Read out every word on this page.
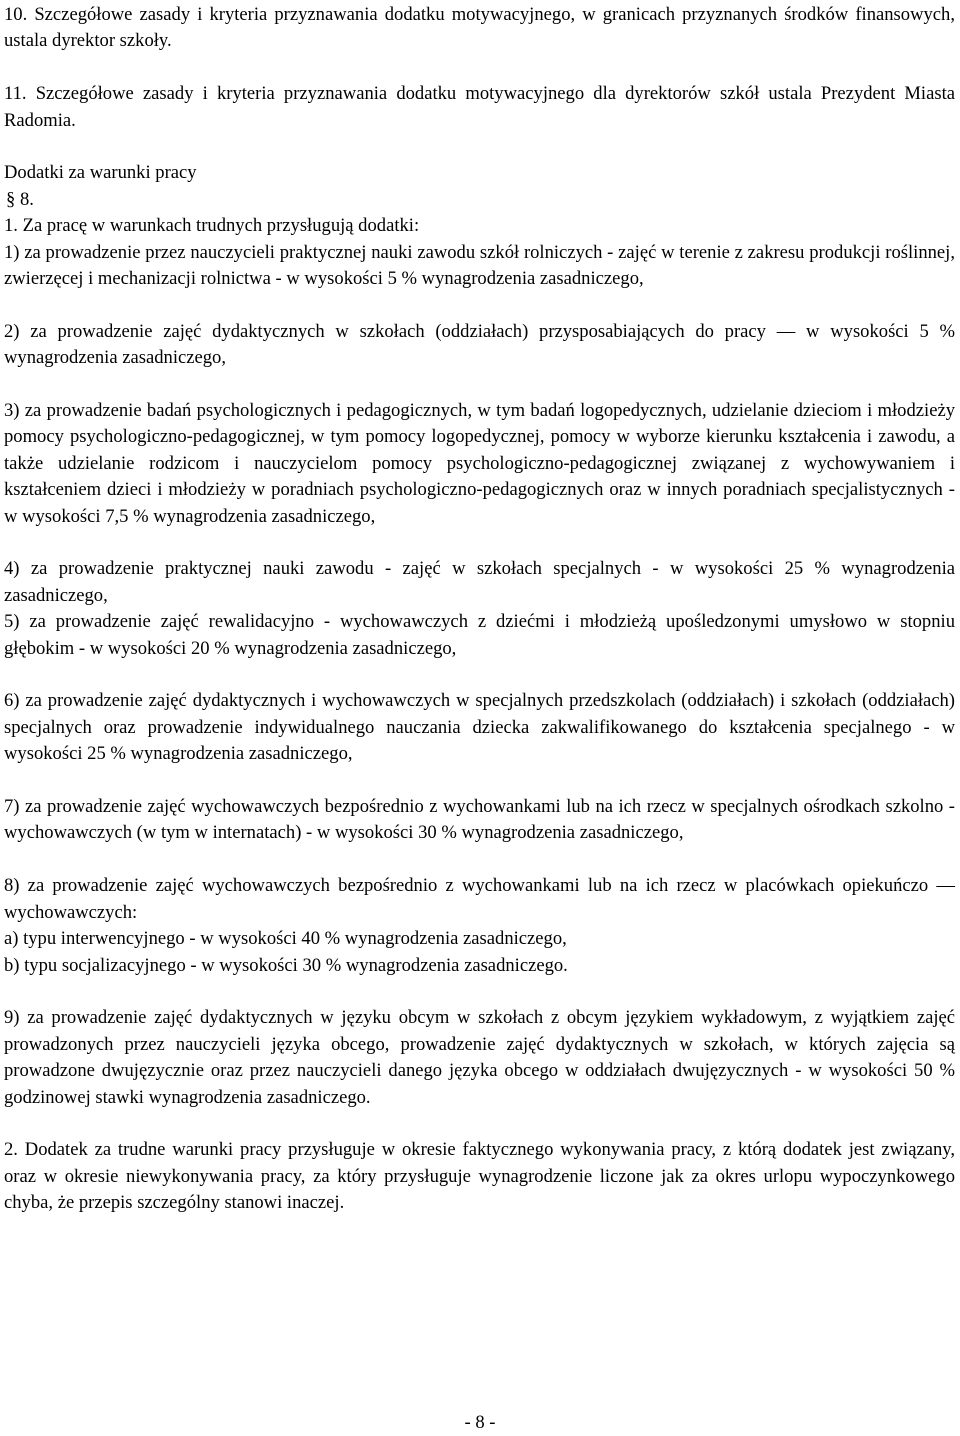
10. Szczegółowe zasady i kryteria przyznawania dodatku motywacyjnego, w granicach przyznanych środków finansowych, ustala dyrektor szkoły.

11. Szczegółowe zasady i kryteria przyznawania dodatku motywacyjnego dla dyrektorów szkół ustala Prezydent Miasta Radomia.

Dodatki za warunki pracy

§ 8.

1. Za pracę w warunkach trudnych przysługują dodatki:

1) za prowadzenie przez nauczycieli praktycznej nauki zawodu szkół rolniczych - zajęć w terenie z zakresu produkcji roślinnej, zwierzęcej i mechanizacji rolnictwa - w wysokości 5 % wynagrodzenia zasadniczego,

2) za prowadzenie zajęć dydaktycznych w szkołach (oddziałach) przysposabiających do pracy — w wysokości 5 % wynagrodzenia zasadniczego,

3) za prowadzenie badań psychologicznych i pedagogicznych, w tym badań logopedycznych, udzielanie dzieciom i młodzieży pomocy psychologiczno-pedagogicznej, w tym pomocy logopedycznej, pomocy w wyborze kierunku kształcenia i zawodu, a także udzielanie rodzicom i nauczycielom pomocy psychologiczno-pedagogicznej związanej z wychowywaniem i kształceniem dzieci i młodzieży w poradniach psychologiczno-pedagogicznych oraz w innych poradniach specjalistycznych - w wysokości 7,5 % wynagrodzenia zasadniczego,

4) za prowadzenie praktycznej nauki zawodu - zajęć w szkołach specjalnych - w wysokości 25 % wynagrodzenia zasadniczego,

5) za prowadzenie zajęć rewalidacyjno - wychowawczych z dziećmi i młodzieżą upośledzonymi umysłowo w stopniu głębokim - w wysokości 20 % wynagrodzenia zasadniczego,

6) za prowadzenie zajęć dydaktycznych i wychowawczych w specjalnych przedszkolach (oddziałach) i szkołach (oddziałach) specjalnych oraz prowadzenie indywidualnego nauczania dziecka zakwalifikowanego do kształcenia specjalnego - w wysokości 25 % wynagrodzenia zasadniczego,

7) za prowadzenie zajęć wychowawczych bezpośrednio z wychowankami lub na ich rzecz w specjalnych ośrodkach szkolno - wychowawczych (w tym w internatach) - w wysokości 30 % wynagrodzenia zasadniczego,

8) za prowadzenie zajęć wychowawczych bezpośrednio z wychowankami lub na ich rzecz w placówkach opiekuńczo — wychowawczych:

a) typu interwencyjnego - w wysokości 40 % wynagrodzenia zasadniczego,

b) typu socjalizacyjnego - w wysokości 30 % wynagrodzenia zasadniczego.

9) za prowadzenie zajęć dydaktycznych w języku obcym w szkołach z obcym językiem wykładowym, z wyjątkiem zajęć prowadzonych przez nauczycieli języka obcego, prowadzenie zajęć dydaktycznych w szkołach, w których zajęcia są prowadzone dwujęzycznie oraz przez nauczycieli danego języka obcego w oddziałach dwujęzycznych - w wysokości 50 % godzinowej stawki wynagrodzenia zasadniczego.

2. Dodatek za trudne warunki pracy przysługuje w okresie faktycznego wykonywania pracy, z którą dodatek jest związany, oraz w okresie niewykonywania pracy, za który przysługuje wynagrodzenie liczone jak za okres urlopu wypoczynkowego chyba, że przepis szczególny stanowi inaczej.

- 8 -
